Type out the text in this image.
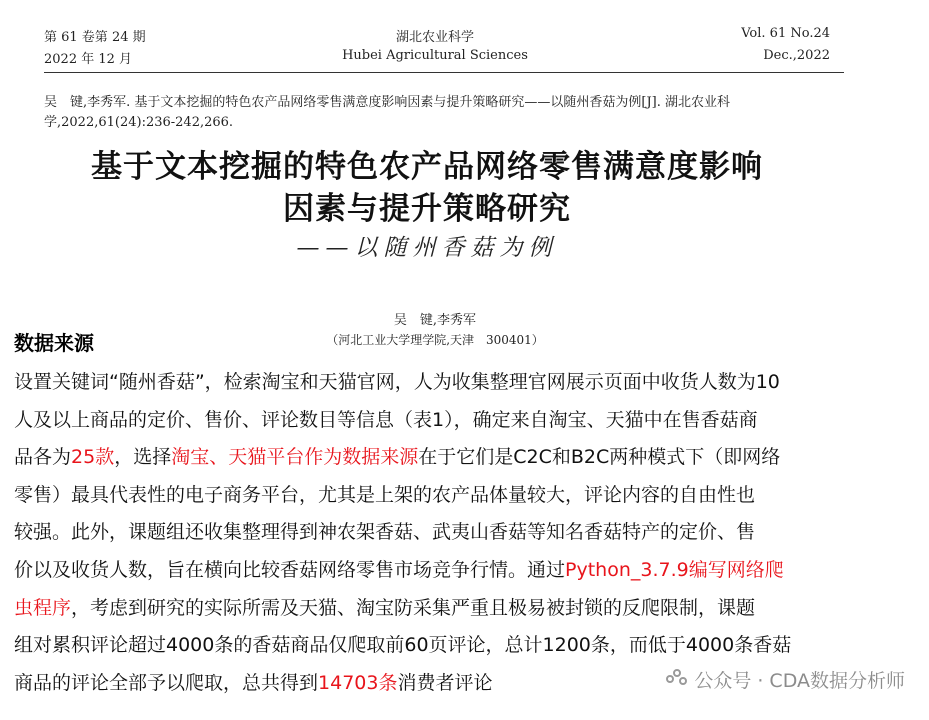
第 61 卷第 24 期	湖北农业科学	Vol. 61 No.24
2022 年 12 月	Hubei Agricultural Sciences	Dec.,2022
吴　键,李秀军. 基于文本挖掘的特色农产品网络零售满意度影响因素与提升策略研究——以随州香菇为例[J]. 湖北农业科
学,2022,61(24):236-242,266.
基于文本挖掘的特色农产品网络零售满意度影响
因素与提升策略研究
——以随州香菇为例
吴　键,李秀军
（河北工业大学理学院,天津　300401）
数据来源
设置关键词“随州香菇”，检索淘宝和天猫官网，人为收集整理官网展示页面中收货人数为10
人及以上商品的定价、售价、评论数目等信息（表1），确定来自淘宝、天猫中在售香菇商
品各为25款，选择淘宝、天猫平台作为数据来源在于它们是C2C和B2C两种模式下（即网络
零售）最具代表性的电子商务平台，尤其是上架的农产品体量较大，评论内容的自由性也
较强。此外，课题组还收集整理得到神农架香菇、武夷山香菇等知名香菇特产的定价、售
价以及收货人数，旨在横向比较香菇网络零售市场竞争行情。通过Python_3.7.9编写网络爬
虫程序，考虑到研究的实际所需及天猫、淘宝防采集严重且极易被封锁的反爬限制，课题
组对累积评论超过4000条的香菇商品仅爬取前60页评论，总计1200条，而低于4000条香菇
商品的评论全部予以爬取，总共得到14703条消费者评论	公众号 · CDA数据分析师
